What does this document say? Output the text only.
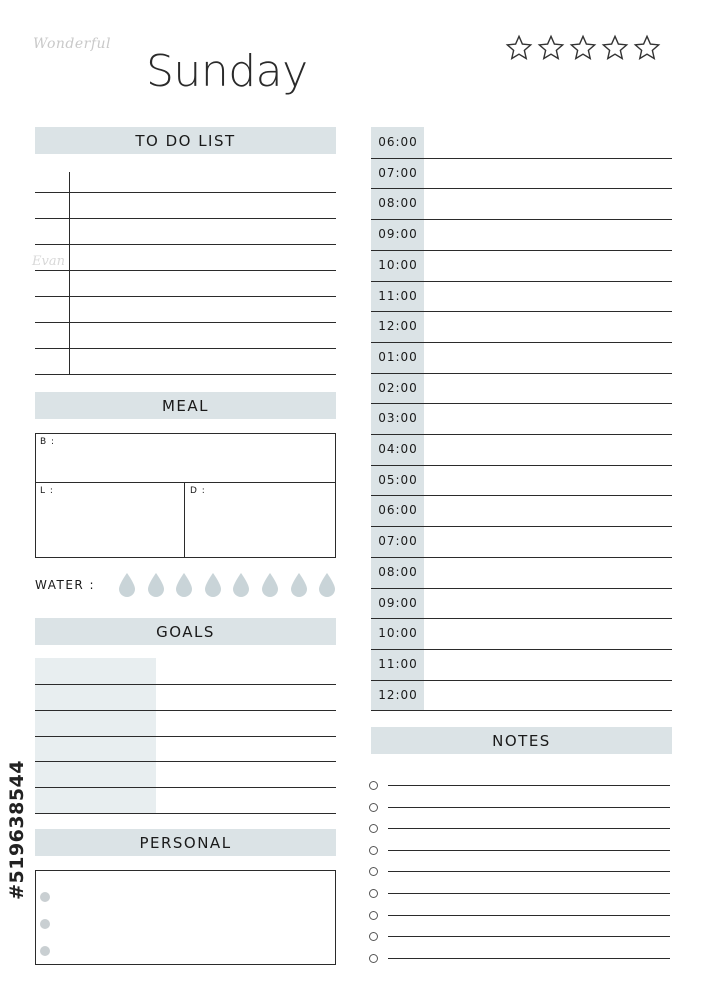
Wonderful
Sunday
TO DO LIST
Evan
MEAL
B :
L :	D :
WATER :
GOALS
PERSONAL
06:00
07:00
08:00
09:00
10:00
11:00
12:00
01:00
02:00
03:00
04:00
05:00
06:00
07:00
08:00
09:00
10:00
11:00
12:00
NOTES
#519638544
